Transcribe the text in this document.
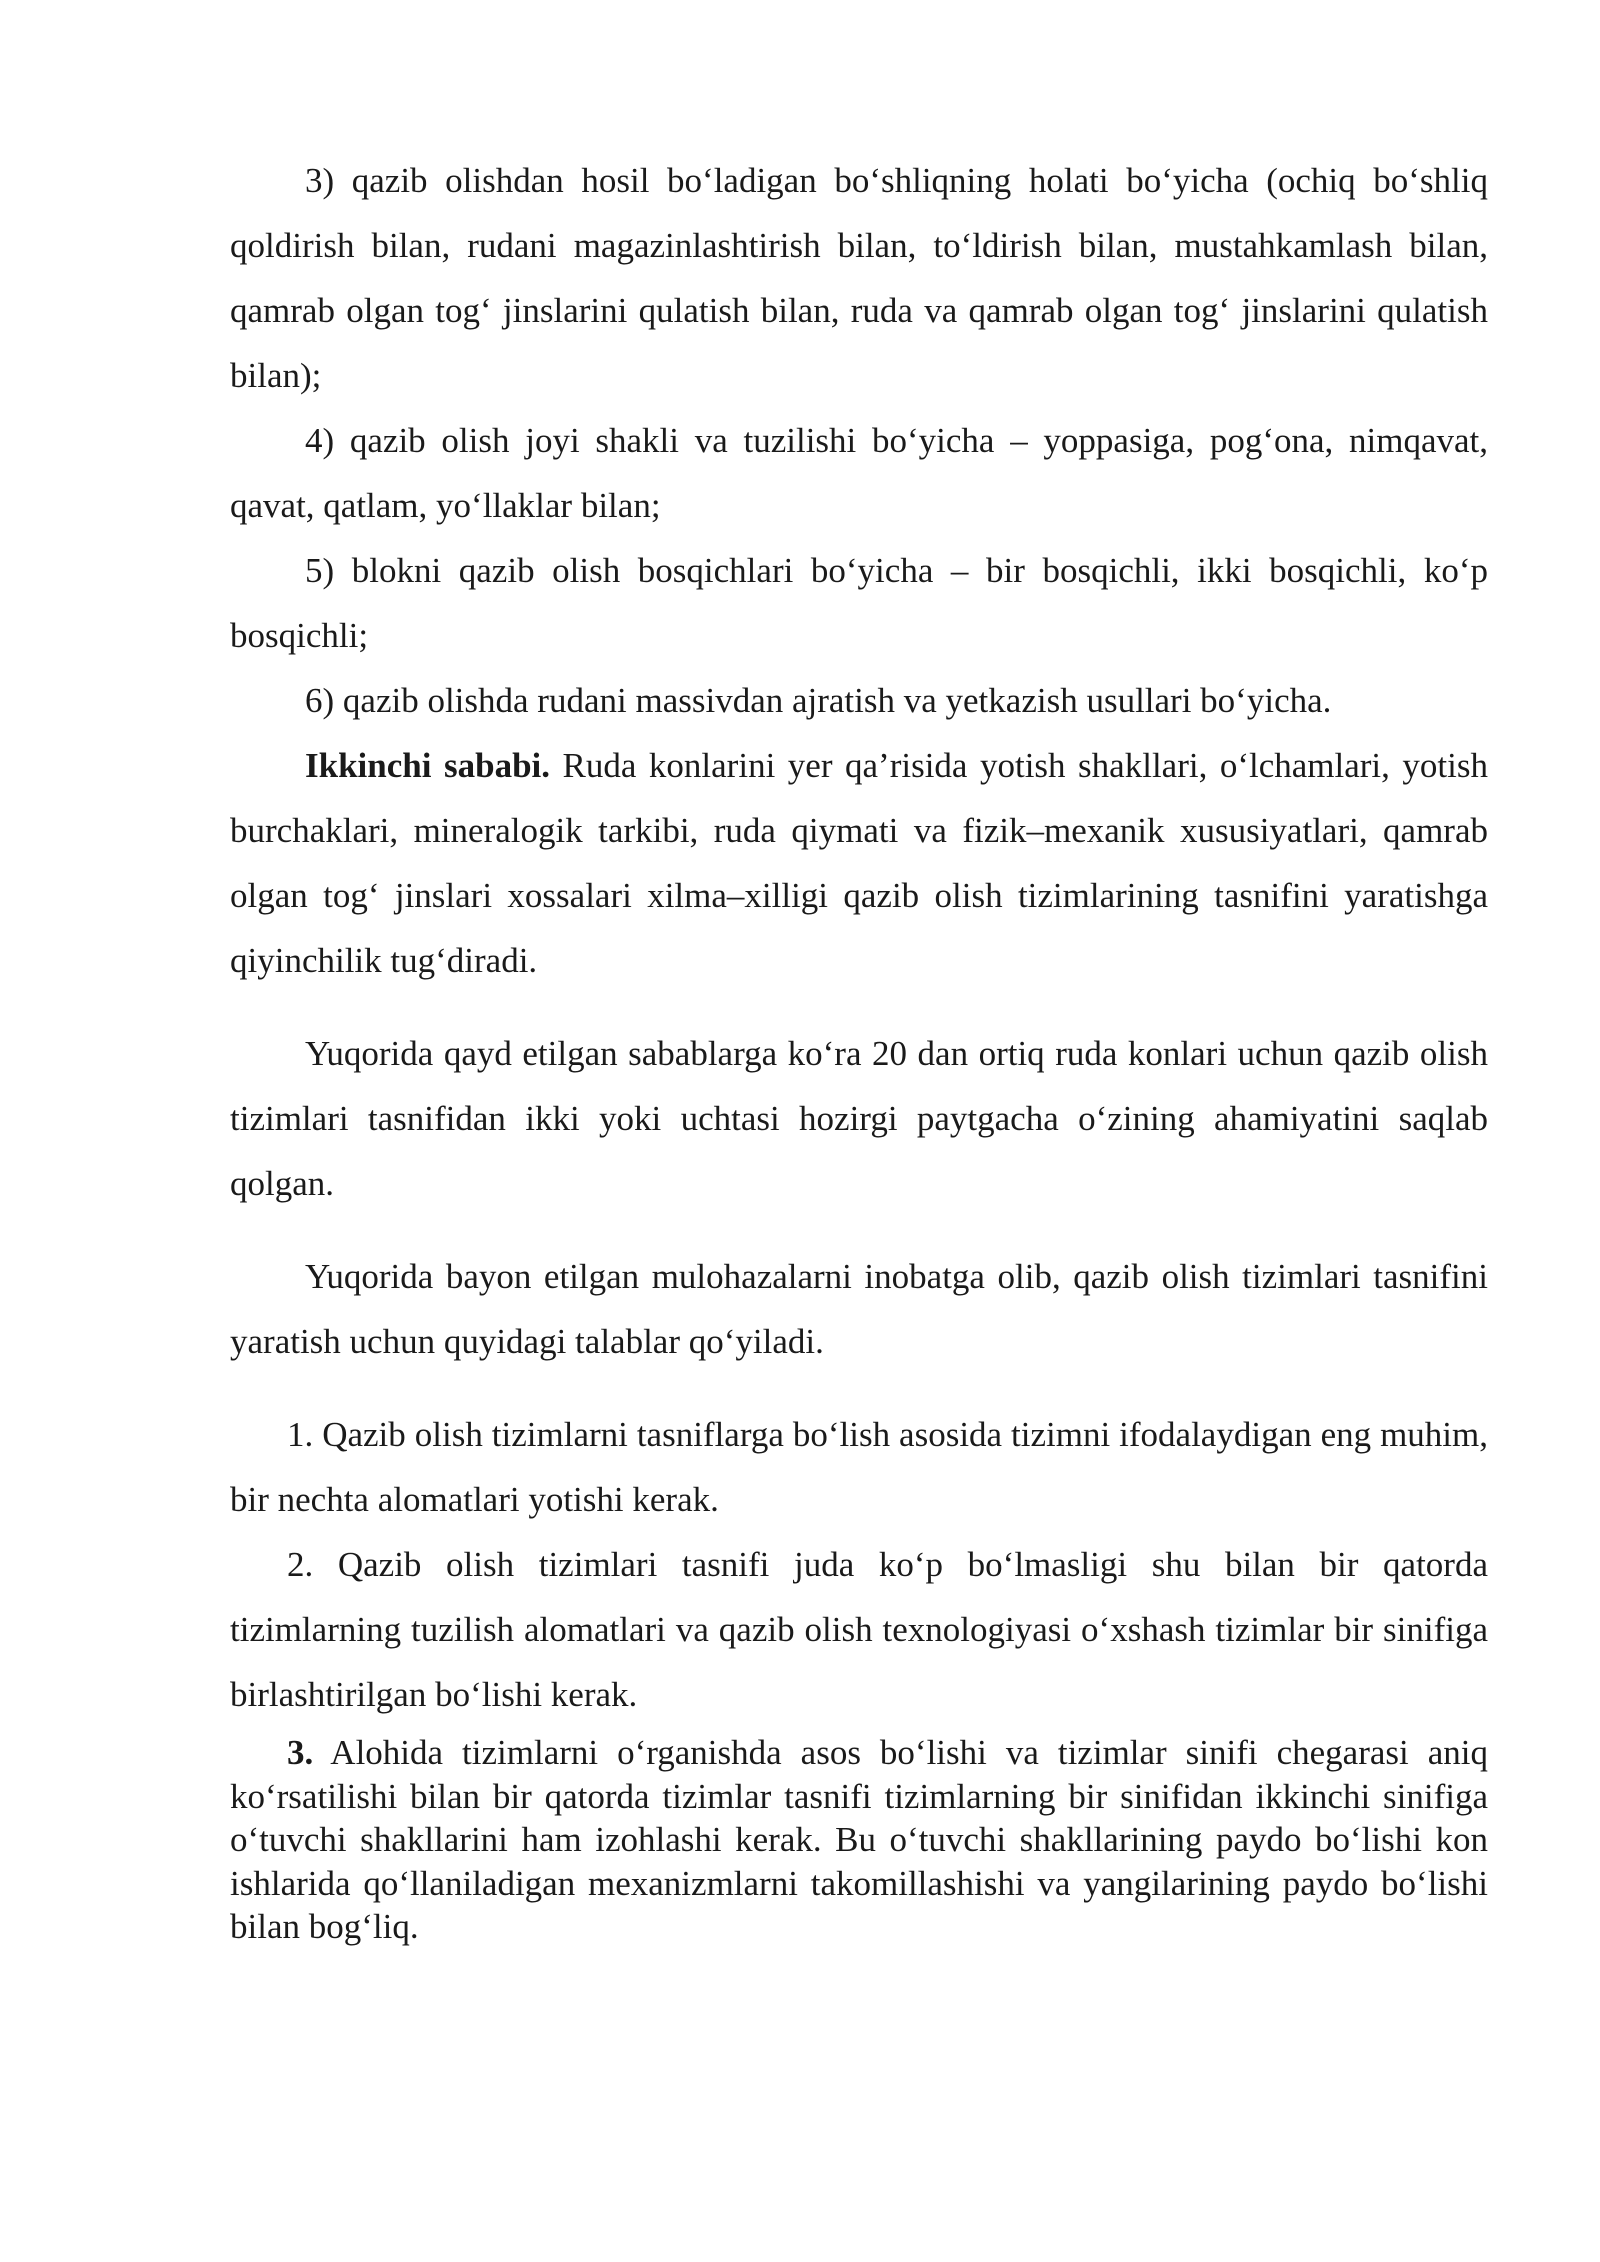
3) qazib olishdan hosil bo‘ladigan bo‘shliqning holati bo‘yicha (ochiq bo‘shliq qoldirish bilan, rudani magazinlashtirish bilan, to‘ldirish bilan, mustahkamlash bilan, qamrab olgan tog‘ jinslarini qulatish bilan, ruda va qamrab olgan tog‘ jinslarini qulatish bilan);

4) qazib olish joyi shakli va tuzilishi bo‘yicha – yoppasiga, pog‘ona, nimqavat, qavat, qatlam, yo‘llaklar bilan;

5) blokni qazib olish bosqichlari bo‘yicha – bir bosqichli, ikki bosqichli, ko‘p bosqichli;

6) qazib olishda rudani massivdan ajratish va yetkazish usullari bo‘yicha.

Ikkinchi sababi. Ruda konlarini yer qa’risida yotish shakllari, o‘lchamlari, yotish burchaklari, mineralogik tarkibi, ruda qiymati va fizik–mexanik xususiyatlari, qamrab olgan tog‘ jinslari xossalari xilma–xilligi qazib olish tizimlarining tasnifini yaratishga qiyinchilik tug‘diradi.

Yuqorida qayd etilgan sabablarga ko‘ra 20 dan ortiq ruda konlari uchun qazib olish tizimlari tasnifidan ikki yoki uchtasi hozirgi paytgacha o‘zining ahamiyatini saqlab qolgan.

Yuqorida bayon etilgan mulohazalarni inobatga olib, qazib olish tizimlari tasnifini yaratish uchun quyidagi talablar qo‘yiladi.

1. Qazib olish tizimlarni tasniflarga bo‘lish asosida tizimni ifodalaydigan eng muhim, bir nechta alomatlari yotishi kerak.

2. Qazib olish tizimlari tasnifi juda ko‘p bo‘lmasligi shu bilan bir qatorda tizimlarning tuzilish alomatlari va qazib olish texnologiyasi o‘xshash tizimlar bir sinifiga birlashtirilgan bo‘lishi kerak.

3. Alohida tizimlarni o‘rganishda asos bo‘lishi va tizimlar sinifi chegarasi aniq ko‘rsatilishi bilan bir qatorda tizimlar tasnifi tizimlarning bir sinifidan ikkinchi sinifiga o‘tuvchi shakllarini ham izohlashi kerak. Bu o‘tuvchi shakllarining paydo bo‘lishi kon ishlarida qo‘llaniladigan mexanizmlarni takomillashishi va yangilarining paydo bo‘lishi bilan bog‘liq.
